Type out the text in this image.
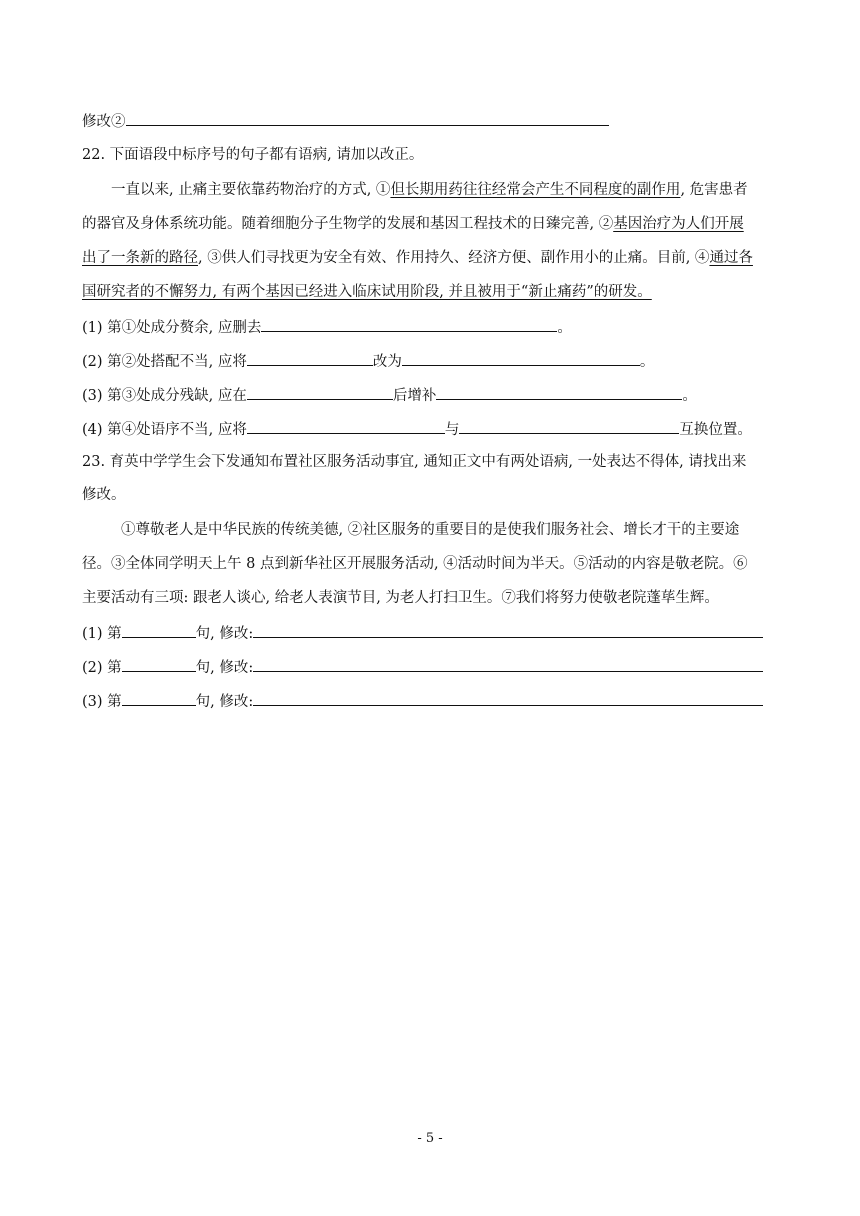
修改②
22. 下面语段中标序号的句子都有语病, 请加以改正。
一直以来, 止痛主要依靠药物治疗的方式, ①但长期用药往往经常会产生不同程度的副作用, 危害患者
的器官及身体系统功能。随着细胞分子生物学的发展和基因工程技术的日臻完善, ②基因治疗为人们开展
出了一条新的路径, ③供人们寻找更为安全有效、作用持久、经济方便、副作用小的止痛。目前, ④通过各
国研究者的不懈努力, 有两个基因已经进入临床试用阶段, 并且被用于“新止痛药”的研发。
(1) 第①处成分赘余, 应删去	。
(2) 第②处搭配不当, 应将	改为	。
(3) 第③处成分残缺, 应在	后增补	。
(4) 第④处语序不当, 应将	与	互换位置。
23. 育英中学学生会下发通知布置社区服务活动事宜, 通知正文中有两处语病, 一处表达不得体, 请找出来
修改。
①尊敬老人是中华民族的传统美德, ②社区服务的重要目的是使我们服务社会、增长才干的主要途
径。③全体同学明天上午 8 点到新华社区开展服务活动, ④活动时间为半天。⑤活动的内容是敬老院。⑥
主要活动有三项: 跟老人谈心, 给老人表演节目, 为老人打扫卫生。⑦我们将努力使敬老院蓬荜生辉。
(1) 第	句, 修改:
(2) 第	句, 修改:
(3) 第	句, 修改:
- 5 -
